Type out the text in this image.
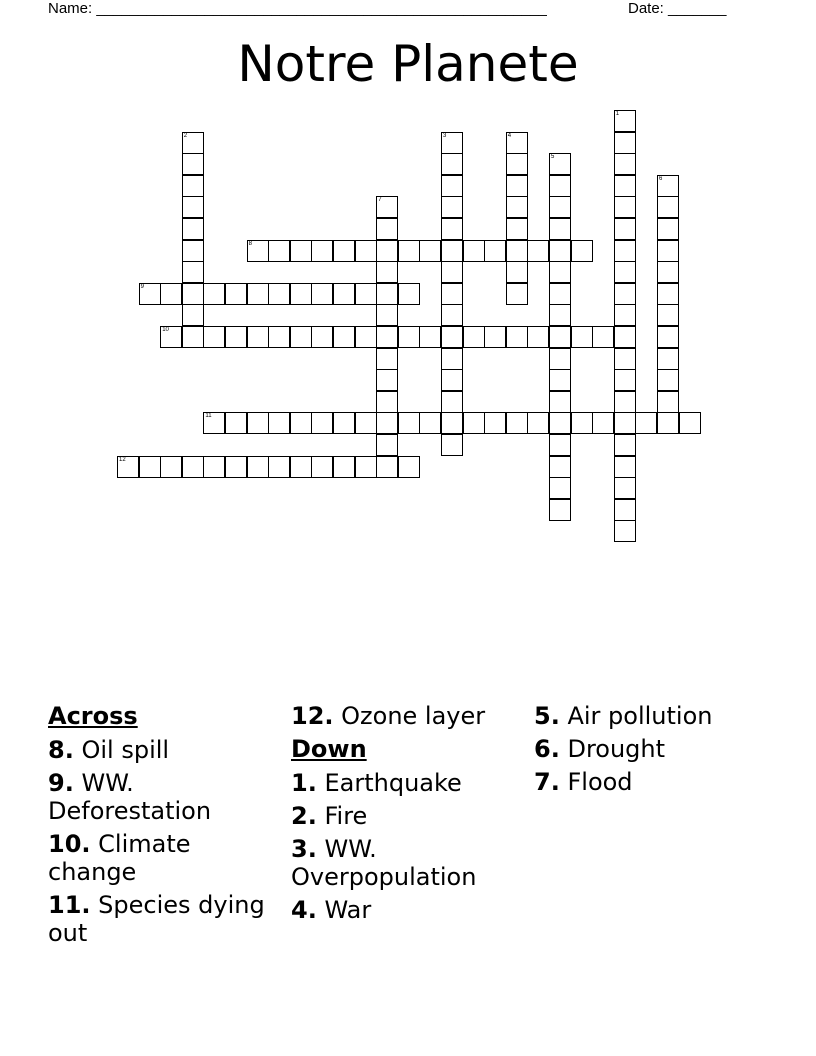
Name: ______________________________________________________	Date: _______
Notre Planete
1
2	3	4
5
6
7
8
9
10
11
12
Across
8. Oil spill
9. WW. Deforestation
10. Climate change
11. Species dying out
12. Ozone layer
Down
1. Earthquake
2. Fire
3. WW. Overpopulation
4. War
5. Air pollution
6. Drought
7. Flood
